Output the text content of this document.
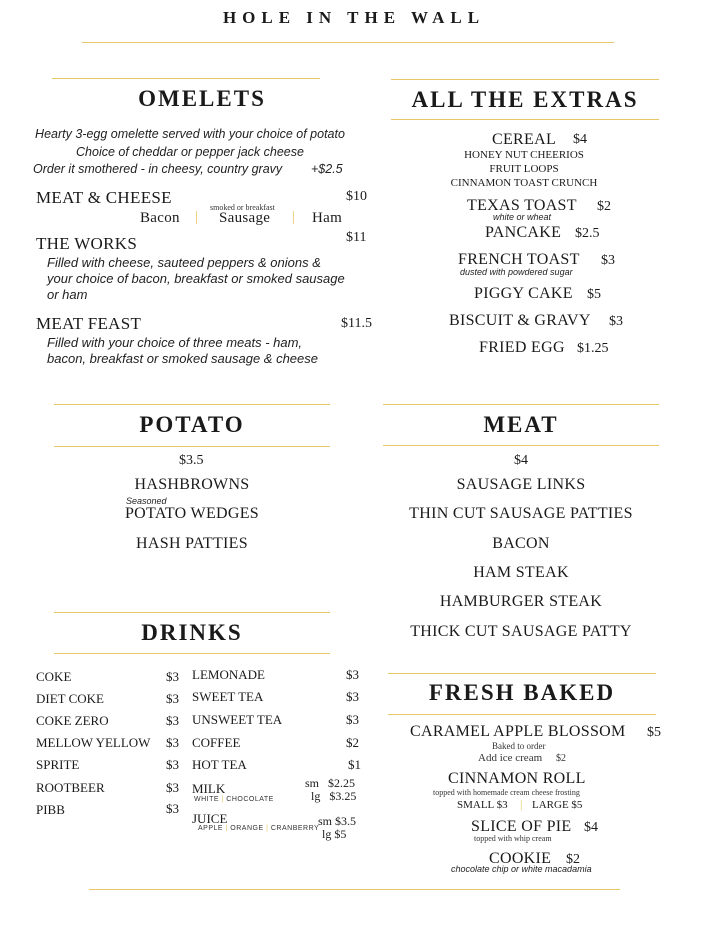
HOLE IN THE WALL
OMELETS
Hearty 3-egg omelette served with your choice of potato
Choice of cheddar or pepper jack cheese
Order it smothered - in cheesy, country gravy +$2.5
MEAT & CHEESE	$10
smoked or breakfast
Bacon | Sausage | Ham
THE WORKS	$11
Filled with cheese, sauteed peppers & onions & your choice of bacon, breakfast or smoked sausage or ham
MEAT FEAST	$11.5
Filled with your choice of three meats - ham, bacon, breakfast or smoked sausage & cheese
ALL THE EXTRAS
CEREAL $4
HONEY NUT CHEERIOS
FRUIT LOOPS
CINNAMON TOAST CRUNCH
TEXAS TOAST $2
white or wheat
PANCAKE $2.5
FRENCH TOAST $3
dusted with powdered sugar
PIGGY CAKE $5
BISCUIT & GRAVY $3
FRIED EGG $1.25
POTATO
$3.5
HASHBROWNS
Seasoned
POTATO WEDGES
HASH PATTIES
MEAT
$4
SAUSAGE LINKS
THIN CUT SAUSAGE PATTIES
BACON
HAM STEAK
HAMBURGER STEAK
THICK CUT SAUSAGE PATTY
DRINKS
COKE	$3
DIET COKE	$3
COKE ZERO	$3
MELLOW YELLOW $3
SPRITE	$3
ROOTBEER	$3
PIBB	$3
LEMONADE	$3
SWEET TEA	$3
UNSWEET TEA	$3
COFFEE	$2
HOT TEA	$1
MILK
WHITE | CHOCOLATE
sm   $2.25
lg   $3.25
JUICE
APPLE | ORANGE | CRANBERRY
sm $3.5
lg $5
FRESH BAKED
CARAMEL APPLE BLOSSOM $5
Baked to order
Add ice cream $2
CINNAMON ROLL
topped with homemade cream cheese frosting
SMALL $3 | LARGE $5
SLICE OF PIE $4
topped with whip cream
COOKIE $2
chocolate chip or white macadamia
